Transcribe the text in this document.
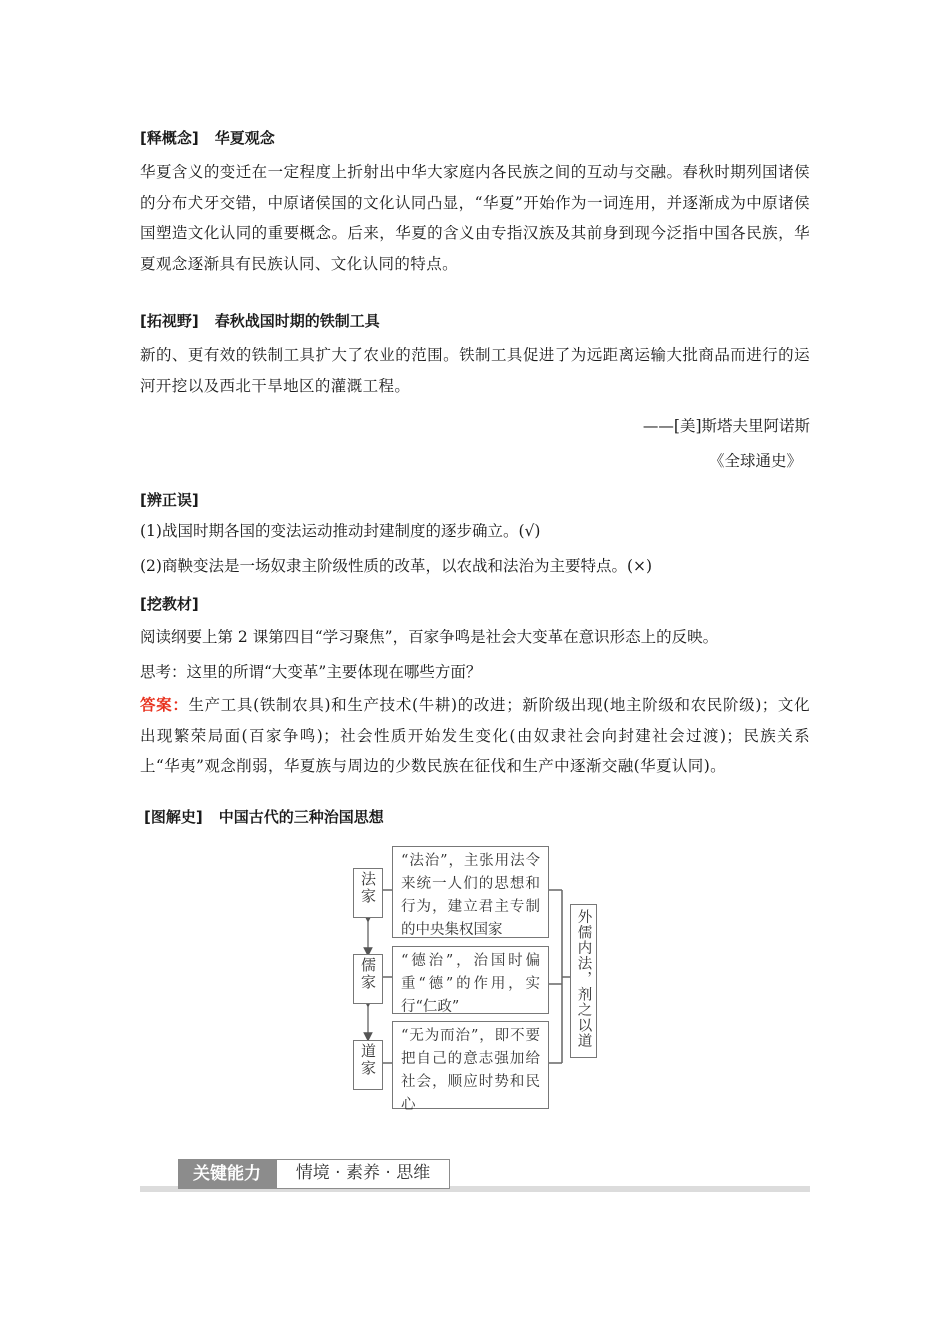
[释概念] 华夏观念
华夏含义的变迁在一定程度上折射出中华大家庭内各民族之间的互动与交融。春秋时期列国诸侯的分布犬牙交错，中原诸侯国的文化认同凸显，“华夏”开始作为一词连用，并逐渐成为中原诸侯国塑造文化认同的重要概念。后来，华夏的含义由专指汉族及其前身到现今泛指中国各民族，华夏观念逐渐具有民族认同、文化认同的特点。
[拓视野] 春秋战国时期的铁制工具
新的、更有效的铁制工具扩大了农业的范围。铁制工具促进了为远距离运输大批商品而进行的运河开挖以及西北干旱地区的灌溉工程。
——[美]斯塔夫里阿诺斯
《全球通史》
[辨正误]
(1)战国时期各国的变法运动推动封建制度的逐步确立。(√)
(2)商鞅变法是一场奴隶主阶级性质的改革，以农战和法治为主要特点。(×)
[挖教材]
阅读纲要上第 2 课第四目“学习聚焦”，百家争鸣是社会大变革在意识形态上的反映。
思考：这里的所谓“大变革”主要体现在哪些方面？
答案：生产工具(铁制农具)和生产技术(牛耕)的改进；新阶级出现(地主阶级和农民阶级)；文化出现繁荣局面(百家争鸣)；社会性质开始发生变化(由奴隶社会向封建社会过渡)；民族关系上“华夷”观念削弱，华夏族与周边的少数民族在征伐和生产中逐渐交融(华夏认同)。
[图解史] 中国古代的三种治国思想
法家
儒家
道家
“法治”，主张用法令来统一人们的思想和行为，建立君主专制的中央集权国家
“德治”，治国时偏重“德”的作用，实行“仁政”
“无为而治”，即不要把自己的意志强加给社会，顺应时势和民心
外儒内法，剂之以道
关键能力	情境 · 素养 · 思维
